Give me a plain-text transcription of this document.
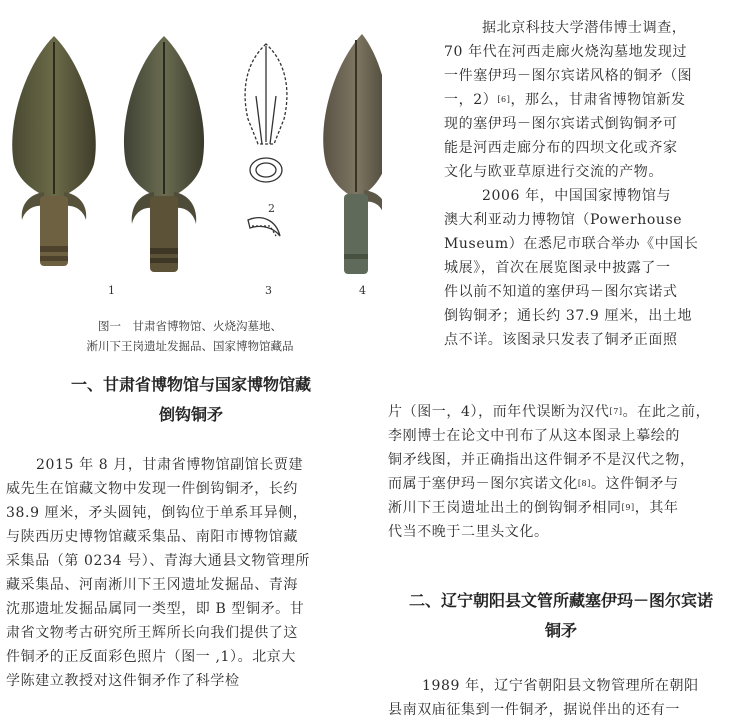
1
2
3	4
图一　甘肃省博物馆、火烧沟墓地、
淅川下王岗遗址发掘品、国家博物馆藏品
一、甘肃省博物馆与国家博物馆藏
倒钩铜矛
2015 年 8 月，甘肃省博物馆副馆长贾建
威先生在馆藏文物中发现一件倒钩铜矛，长约
38.9 厘米，矛头圆钝，倒钩位于单系耳异侧，
与陕西历史博物馆藏采集品、南阳市博物馆藏
采集品（第 0234 号）、青海大通县文物管理所
藏采集品、河南淅川下王冈遗址发掘品、青海
沈那遗址发掘品属同一类型，即 B 型铜矛。甘
肃省文物考古研究所王辉所长向我们提供了这
件铜矛的正反面彩色照片（图一 ,1）。北京大
学陈建立教授对这件铜矛作了科学检
据北京科技大学潜伟博士调查，
70 年代在河西走廊火烧沟墓地发现过
一件塞伊玛－图尔宾诺风格的铜矛（图
一，2）[6]，那么，甘肃省博物馆新发
现的塞伊玛－图尔宾诺式倒钩铜矛可
能是河西走廊分布的四坝文化或齐家
文化与欧亚草原进行交流的产物。
2006 年，中国国家博物馆与
澳大利亚动力博物馆（Powerhouse
Museum）在悉尼市联合举办《中国长
城展》，首次在展览图录中披露了一
件以前不知道的塞伊玛－图尔宾诺式
倒钩铜矛；通长约 37.9 厘米，出土地
点不详。该图录只发表了铜矛正面照
片（图一，4），而年代误断为汉代[7]。在此之前，
李刚博士在论文中刊布了从这本图录上摹绘的
铜矛线图，并正确指出这件铜矛不是汉代之物，
而属于塞伊玛－图尔宾诺文化[8]。这件铜矛与
淅川下王岗遗址出土的倒钩铜矛相同[9]，其年
代当不晚于二里头文化。
二、辽宁朝阳县文管所藏塞伊玛－图尔宾诺
铜矛
1989 年，辽宁省朝阳县文物管理所在朝阳
县南双庙征集到一件铜矛，据说伴出的还有一
